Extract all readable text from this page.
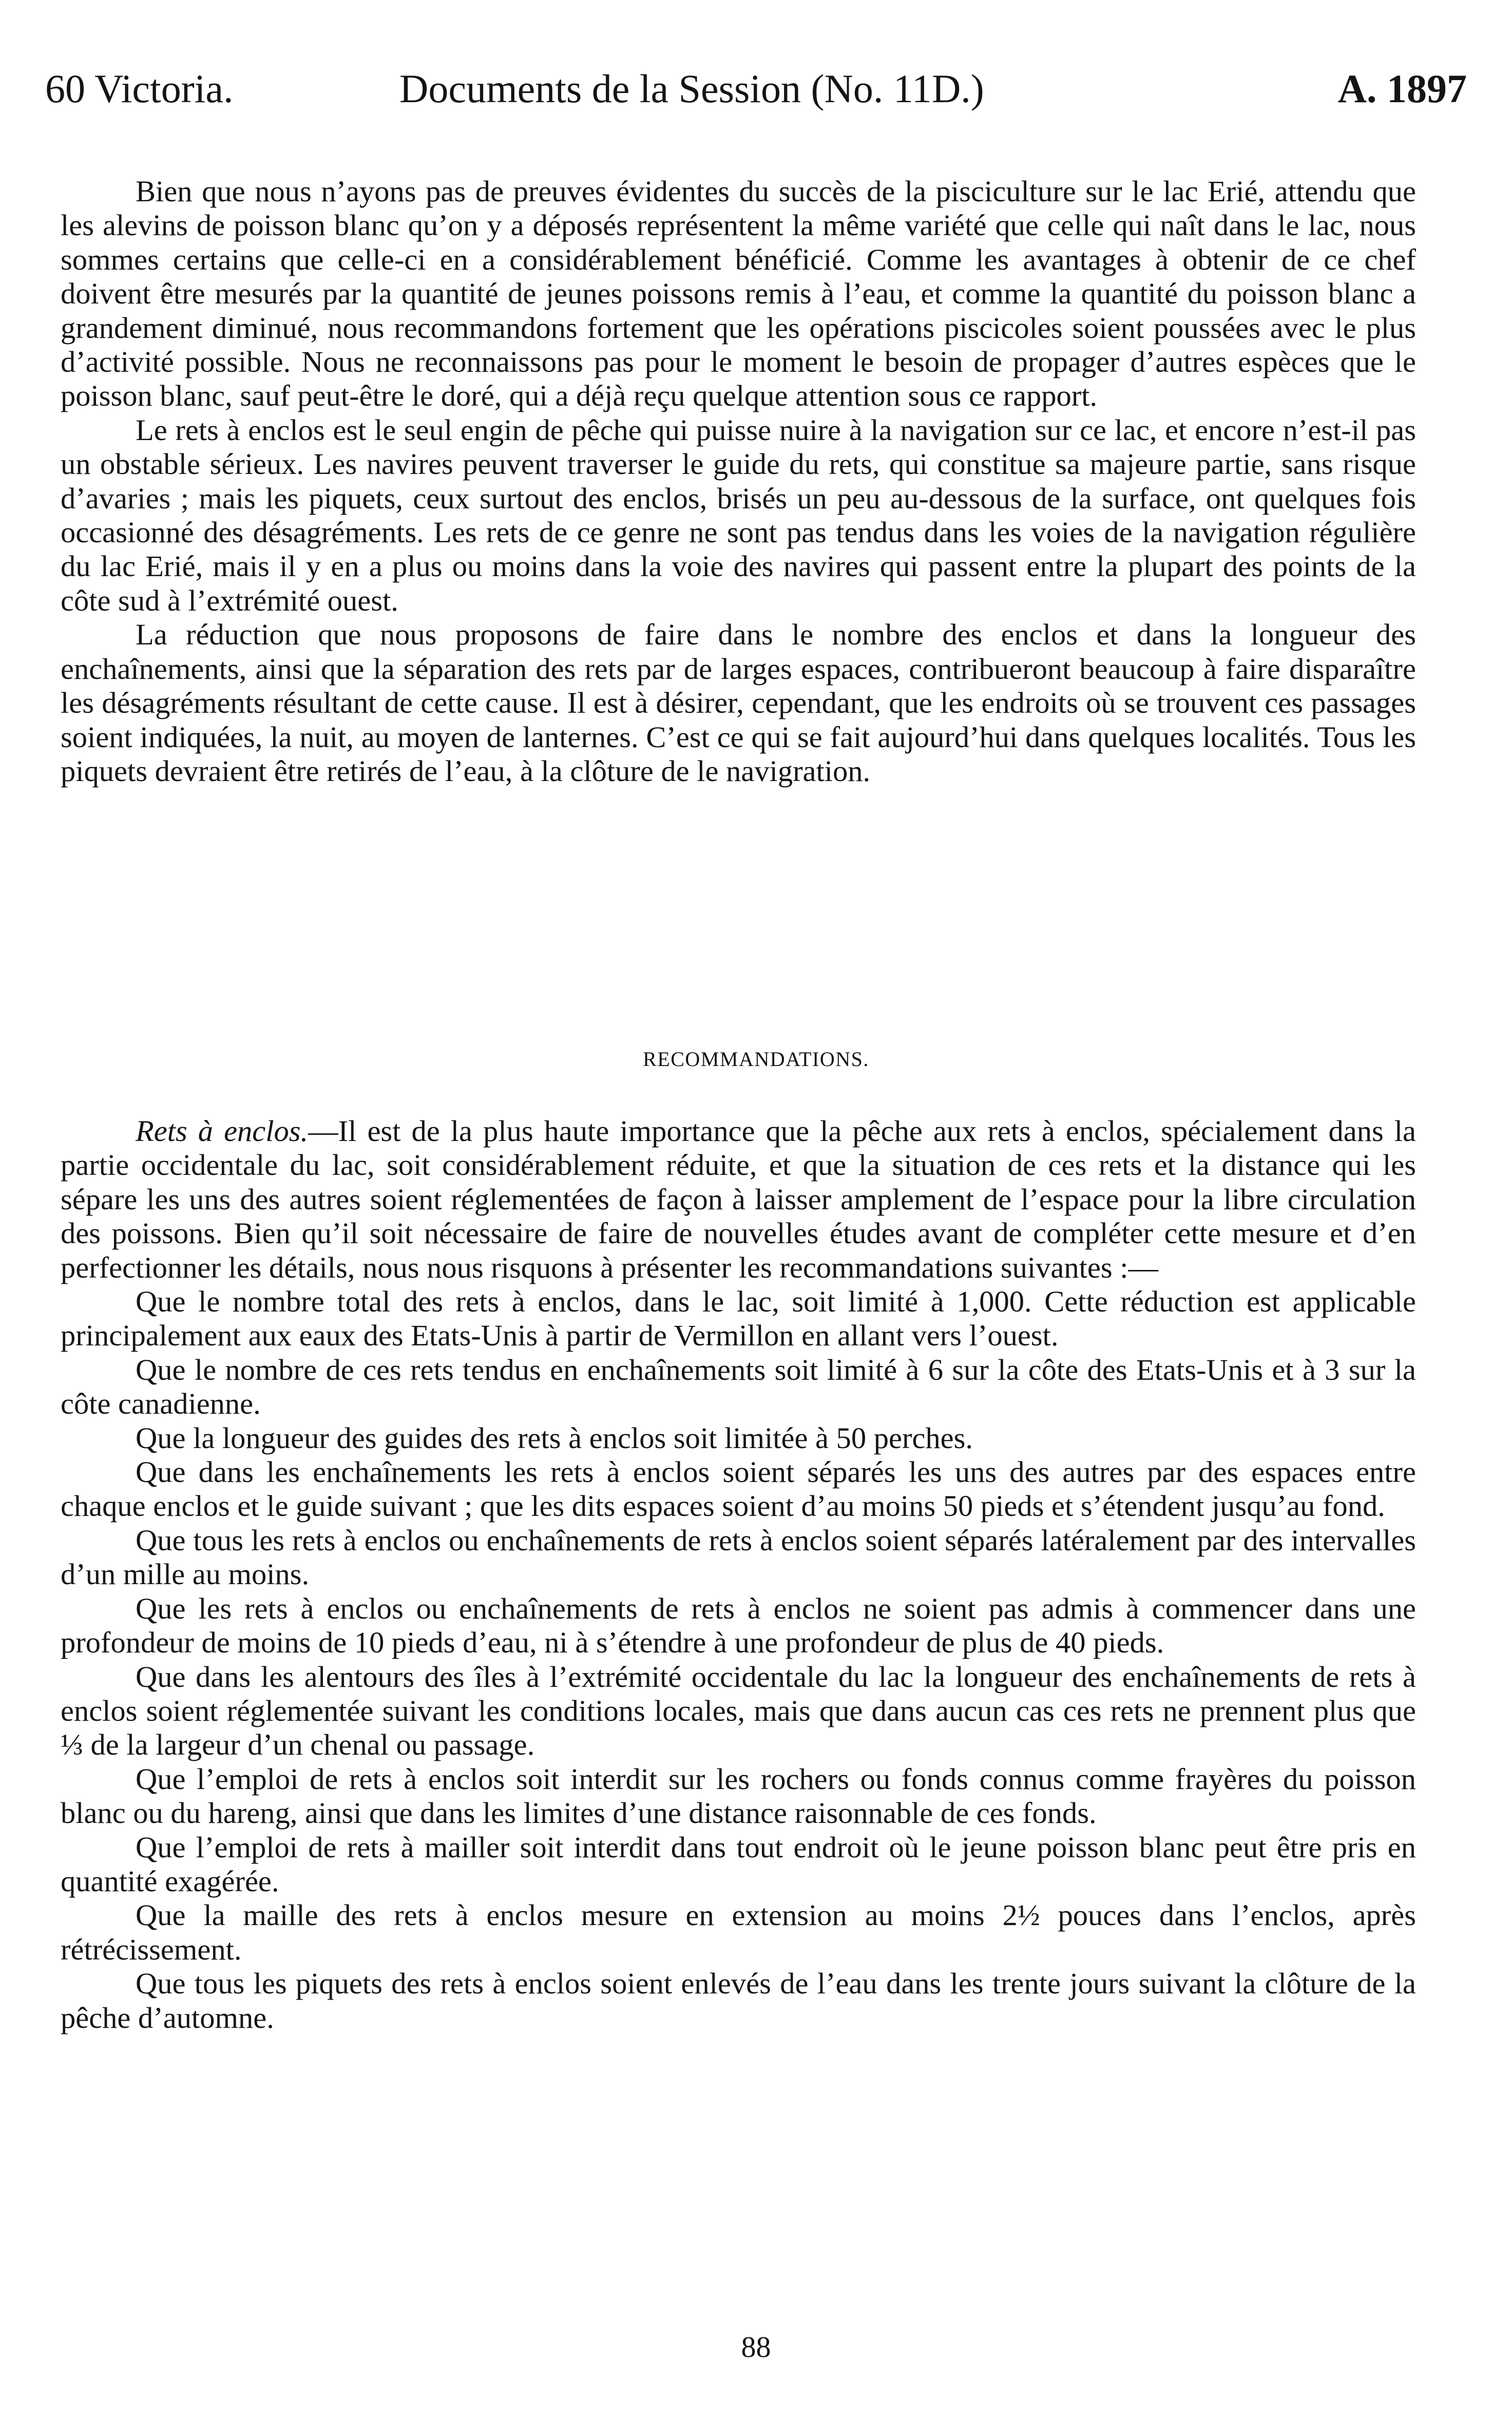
60 Victoria.	Documents de la Session (No. 11D.)	A. 1897

Bien que nous n’ayons pas de preuves évidentes du succès de la pisciculture sur le lac Erié, attendu que les alevins de poisson blanc qu’on y a déposés représentent la même variété que celle qui naît dans le lac, nous sommes certains que celle-ci en a considérablement bénéficié. Comme les avantages à obtenir de ce chef doivent être mesurés par la quantité de jeunes poissons remis à l’eau, et comme la quantité du poisson blanc a grandement diminué, nous recommandons fortement que les opérations piscicoles soient poussées avec le plus d’activité possible. Nous ne reconnaissons pas pour le moment le besoin de propager d’autres espèces que le poisson blanc, sauf peut-être le doré, qui a déjà reçu quelque attention sous ce rapport.

Le rets à enclos est le seul engin de pêche qui puisse nuire à la navigation sur ce lac, et encore n’est-il pas un obstable sérieux. Les navires peuvent traverser le guide du rets, qui constitue sa majeure partie, sans risque d’avaries ; mais les piquets, ceux surtout des enclos, brisés un peu au-dessous de la surface, ont quelques fois occasionné des désagréments. Les rets de ce genre ne sont pas tendus dans les voies de la navigation régulière du lac Erié, mais il y en a plus ou moins dans la voie des navires qui passent entre la plupart des points de la côte sud à l’extrémité ouest.

La réduction que nous proposons de faire dans le nombre des enclos et dans la longueur des enchaînements, ainsi que la séparation des rets par de larges espaces, contribueront beaucoup à faire disparaître les désagréments résultant de cette cause. Il est à désirer, cependant, que les endroits où se trouvent ces passages soient indiquées, la nuit, au moyen de lanternes. C’est ce qui se fait aujourd’hui dans quelques localités. Tous les piquets devraient être retirés de l’eau, à la clôture de le navigration.

RECOMMANDATIONS.

Rets à enclos.—Il est de la plus haute importance que la pêche aux rets à enclos, spécialement dans la partie occidentale du lac, soit considérablement réduite, et que la situation de ces rets et la distance qui les sépare les uns des autres soient réglementées de façon à laisser amplement de l’espace pour la libre circulation des poissons. Bien qu’il soit nécessaire de faire de nouvelles études avant de compléter cette mesure et d’en perfectionner les détails, nous nous risquons à présenter les recommandations suivantes :—

Que le nombre total des rets à enclos, dans le lac, soit limité à 1,000. Cette réduction est applicable principalement aux eaux des Etats-Unis à partir de Vermillon en allant vers l’ouest.

Que le nombre de ces rets tendus en enchaînements soit limité à 6 sur la côte des Etats-Unis et à 3 sur la côte canadienne.

Que la longueur des guides des rets à enclos soit limitée à 50 perches.

Que dans les enchaînements les rets à enclos soient séparés les uns des autres par des espaces entre chaque enclos et le guide suivant ; que les dits espaces soient d’au moins 50 pieds et s’étendent jusqu’au fond.

Que tous les rets à enclos ou enchaînements de rets à enclos soient séparés latéralement par des intervalles d’un mille au moins.

Que les rets à enclos ou enchaînements de rets à enclos ne soient pas admis à commencer dans une profondeur de moins de 10 pieds d’eau, ni à s’étendre à une profondeur de plus de 40 pieds.

Que dans les alentours des îles à l’extrémité occidentale du lac la longueur des enchaînements de rets à enclos soient réglementée suivant les conditions locales, mais que dans aucun cas ces rets ne prennent plus que ⅓ de la largeur d’un chenal ou passage.

Que l’emploi de rets à enclos soit interdit sur les rochers ou fonds connus comme frayères du poisson blanc ou du hareng, ainsi que dans les limites d’une distance raisonnable de ces fonds.

Que l’emploi de rets à mailler soit interdit dans tout endroit où le jeune poisson blanc peut être pris en quantité exagérée.

Que la maille des rets à enclos mesure en extension au moins 2½ pouces dans l’enclos, après rétrécissement.

Que tous les piquets des rets à enclos soient enlevés de l’eau dans les trente jours suivant la clôture de la pêche d’automne.

88
